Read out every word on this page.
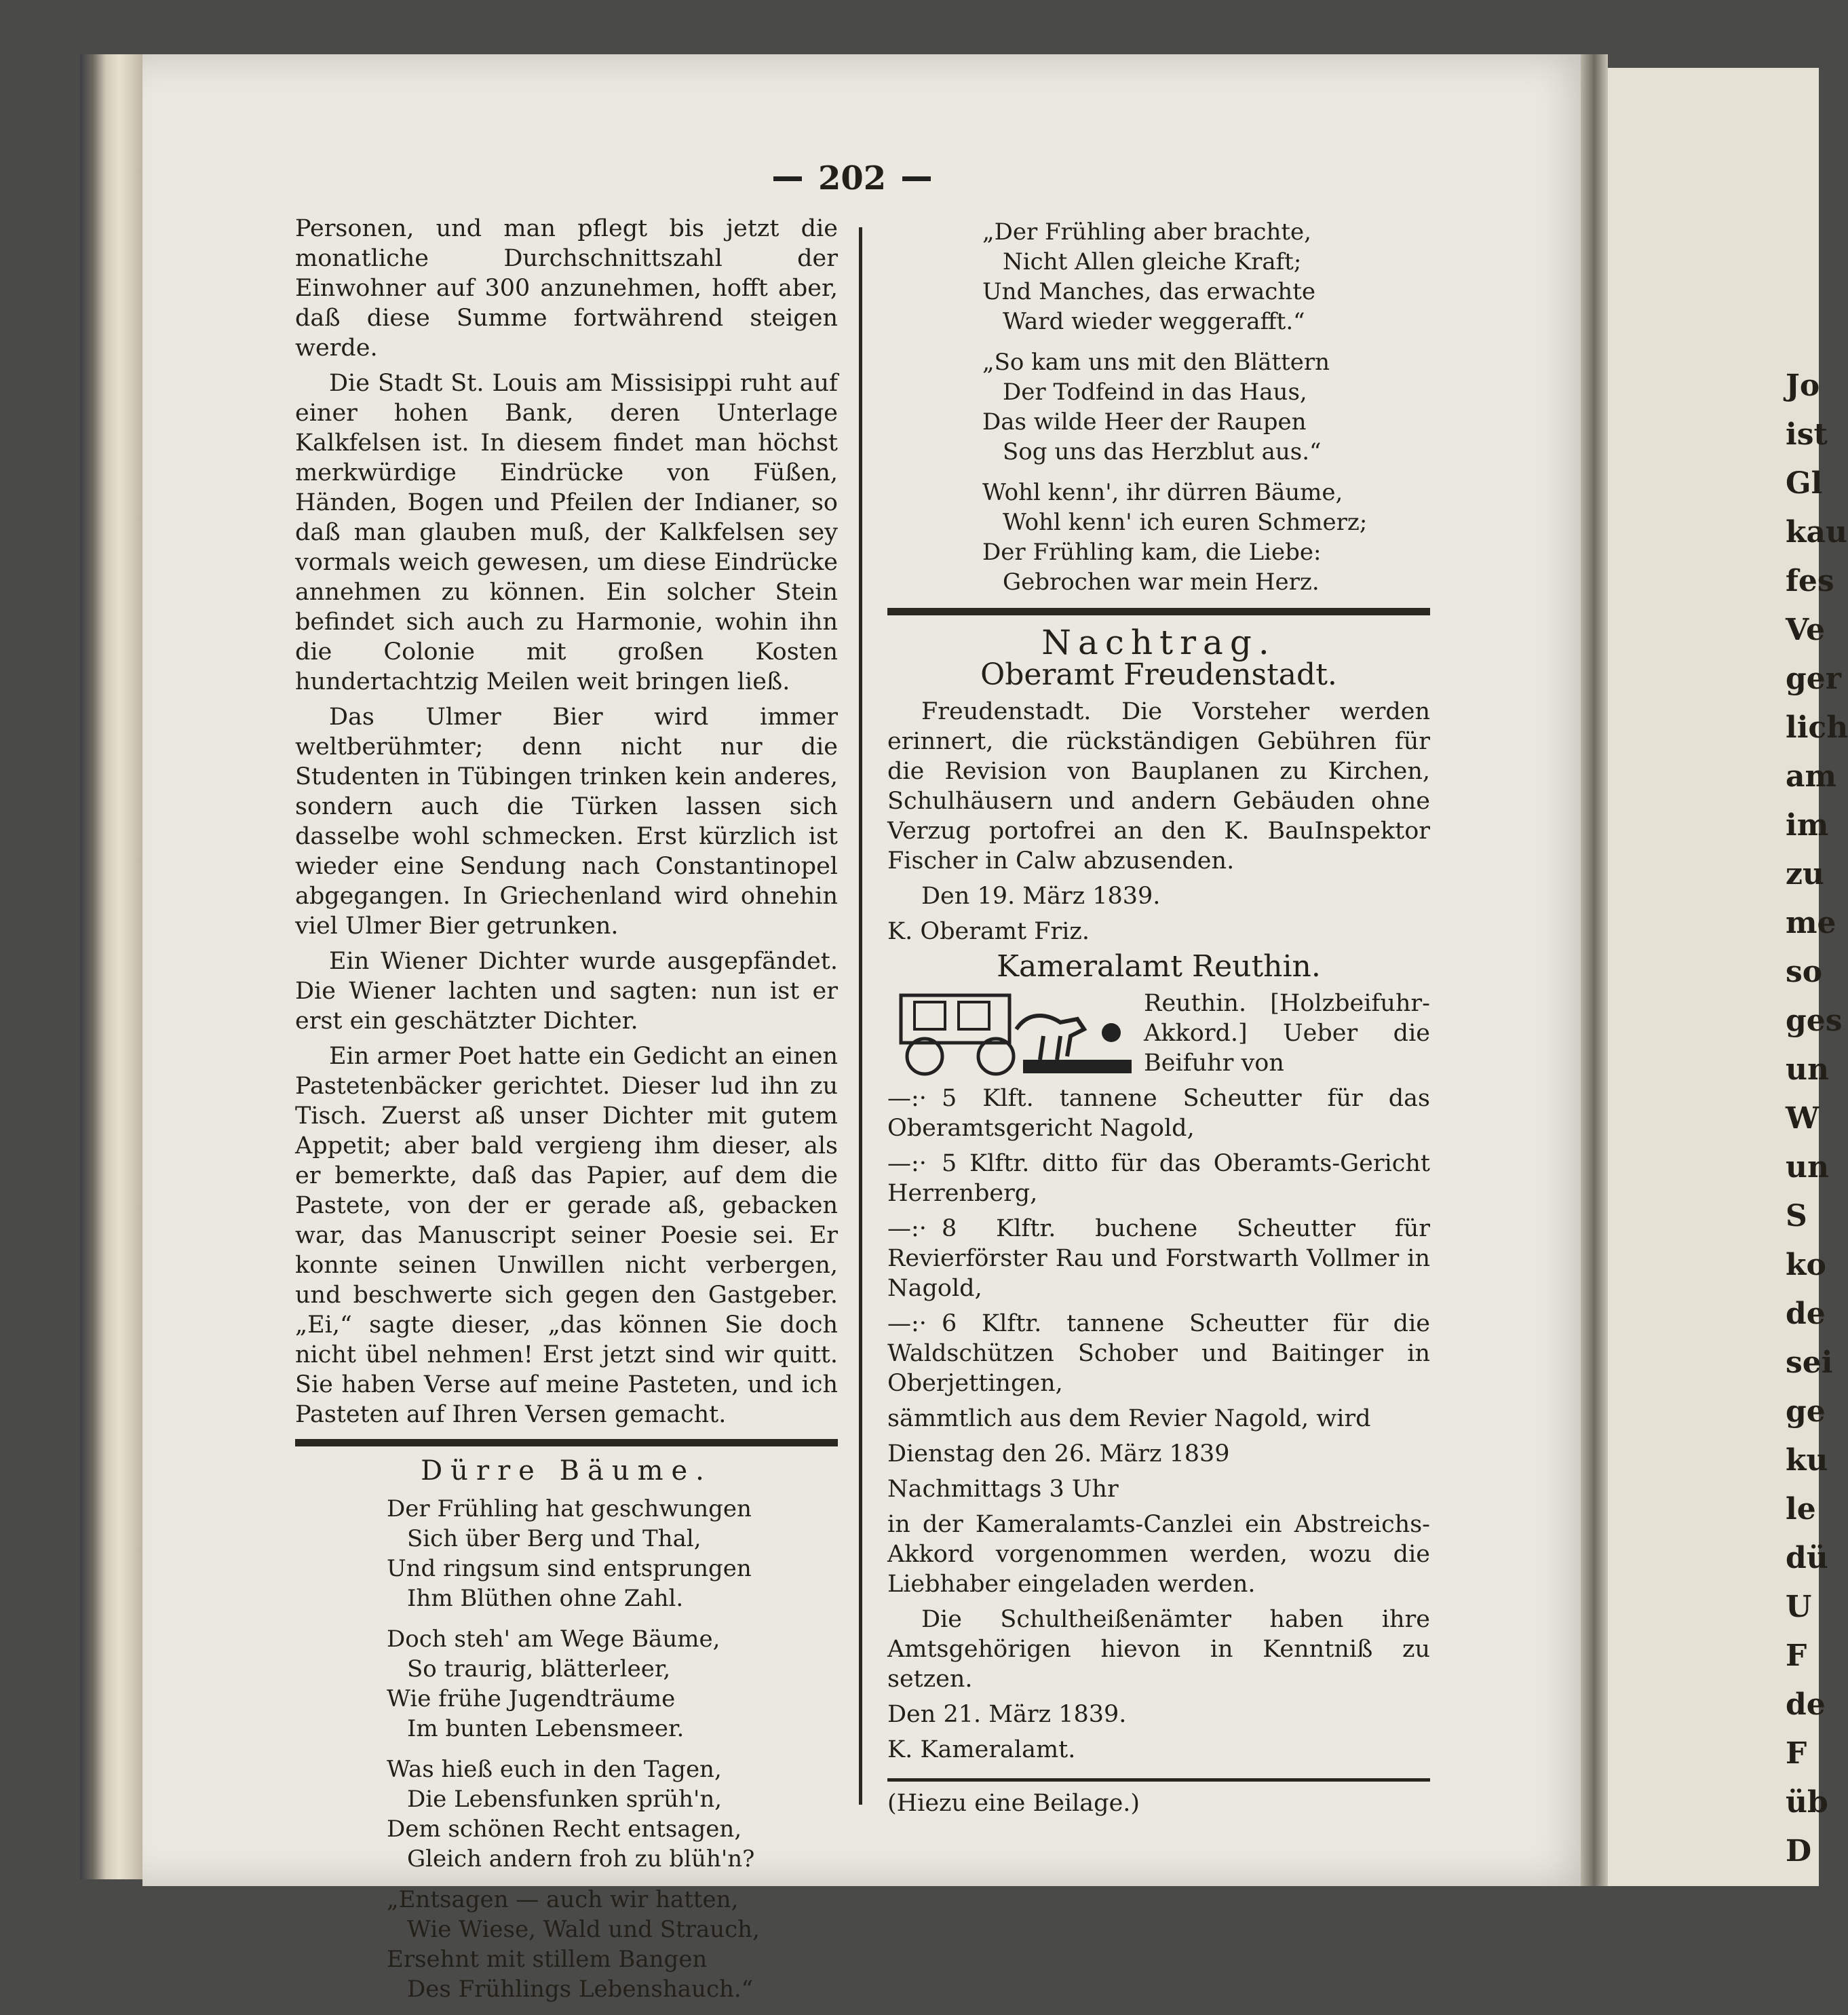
Jo
ist
Gl
kau
fes
Ve
ger
lich
am
im
zu
me
so
ges
un
W
un
S
ko
de
sei
ge
ku
le
dü
U
F
de
F
üb
D
202

Personen, und man pflegt bis jetzt die monatliche Durchschnittszahl der Einwohner auf 300 anzunehmen, hofft aber, daß diese Summe fortwährend steigen werde.

Die Stadt St. Louis am Missisippi ruht auf einer hohen Bank, deren Unterlage Kalkfelsen ist. In diesem findet man höchst merkwürdige Eindrücke von Füßen, Händen, Bogen und Pfeilen der Indianer, so daß man glauben muß, der Kalkfelsen sey vormals weich gewesen, um diese Eindrücke annehmen zu können. Ein solcher Stein befindet sich auch zu Harmonie, wohin ihn die Colonie mit großen Kosten hundertachtzig Meilen weit bringen ließ.

Das Ulmer Bier wird immer weltberühmter; denn nicht nur die Studenten in Tübingen trinken kein anderes, sondern auch die Türken lassen sich dasselbe wohl schmecken. Erst kürzlich ist wieder eine Sendung nach Constantinopel abgegangen. In Griechenland wird ohnehin viel Ulmer Bier getrunken.

Ein Wiener Dichter wurde ausgepfändet. Die Wiener lachten und sagten: nun ist er erst ein geschätzter Dichter.

Ein armer Poet hatte ein Gedicht an einen Pastetenbäcker gerichtet. Dieser lud ihn zu Tisch. Zuerst aß unser Dichter mit gutem Appetit; aber bald vergieng ihm dieser, als er bemerkte, daß das Papier, auf dem die Pastete, von der er gerade aß, gebacken war, das Manuscript seiner Poesie sei. Er konnte seinen Unwillen nicht verbergen, und beschwerte sich gegen den Gastgeber. „Ei,“ sagte dieser, „das können Sie doch nicht übel nehmen! Erst jetzt sind wir quitt. Sie haben Verse auf meine Pasteten, und ich Pasteten auf Ihren Versen gemacht.

Dürre Bäume.
Der Frühling hat geschwungen
Sich über Berg und Thal,
Und ringsum sind entsprungen
Ihm Blüthen ohne Zahl.
Doch steh' am Wege Bäume,
So traurig, blätterleer,
Wie frühe Jugendträume
Im bunten Lebensmeer.
Was hieß euch in den Tagen,
Die Lebensfunken sprüh'n,
Dem schönen Recht entsagen,
Gleich andern froh zu blüh'n?
„Entsagen — auch wir hatten,
Wie Wiese, Wald und Strauch,
Ersehnt mit stillem Bangen
Des Frühlings Lebenshauch.“
„Der Frühling aber brachte,
Nicht Allen gleiche Kraft;
Und Manches, das erwachte
Ward wieder weggerafft.“
„So kam uns mit den Blättern
Der Todfeind in das Haus,
Das wilde Heer der Raupen
Sog uns das Herzblut aus.“
Wohl kenn', ihr dürren Bäume,
Wohl kenn' ich euren Schmerz;
Der Frühling kam, die Liebe:
Gebrochen war mein Herz.
Nachtrag.
Oberamt Freudenstadt.

Freudenstadt. Die Vorsteher werden erinnert, die rückständigen Gebühren für die Revision von Bauplanen zu Kirchen, Schulhäusern und andern Gebäuden ohne Verzug portofrei an den K. BauInspektor Fischer in Calw abzusenden.

Den 19. März 1839.

K. Oberamt Friz.

Kameralamt Reuthin.

Reuthin. [Holzbeifuhr-Akkord.] Ueber die Beifuhr von

—:· 5 Klft. tannene Scheutter für das Oberamtsgericht Nagold,

—:· 5 Klftr. ditto für das Oberamts-Gericht Herrenberg,

—:· 8 Klftr. buchene Scheutter für Revierförster Rau und Forstwarth Vollmer in Nagold,

—:· 6 Klftr. tannene Scheutter für die Waldschützen Schober und Baitinger in Oberjettingen,

sämmtlich aus dem Revier Nagold, wird

Dienstag den 26. März 1839

Nachmittags 3 Uhr

in der Kameralamts-Canzlei ein Abstreichs-Akkord vorgenommen werden, wozu die Liebhaber eingeladen werden.

Die Schultheißenämter haben ihre Amtsgehörigen hievon in Kenntniß zu setzen.

Den 21. März 1839.

K. Kameralamt.

(Hiezu eine Beilage.)
